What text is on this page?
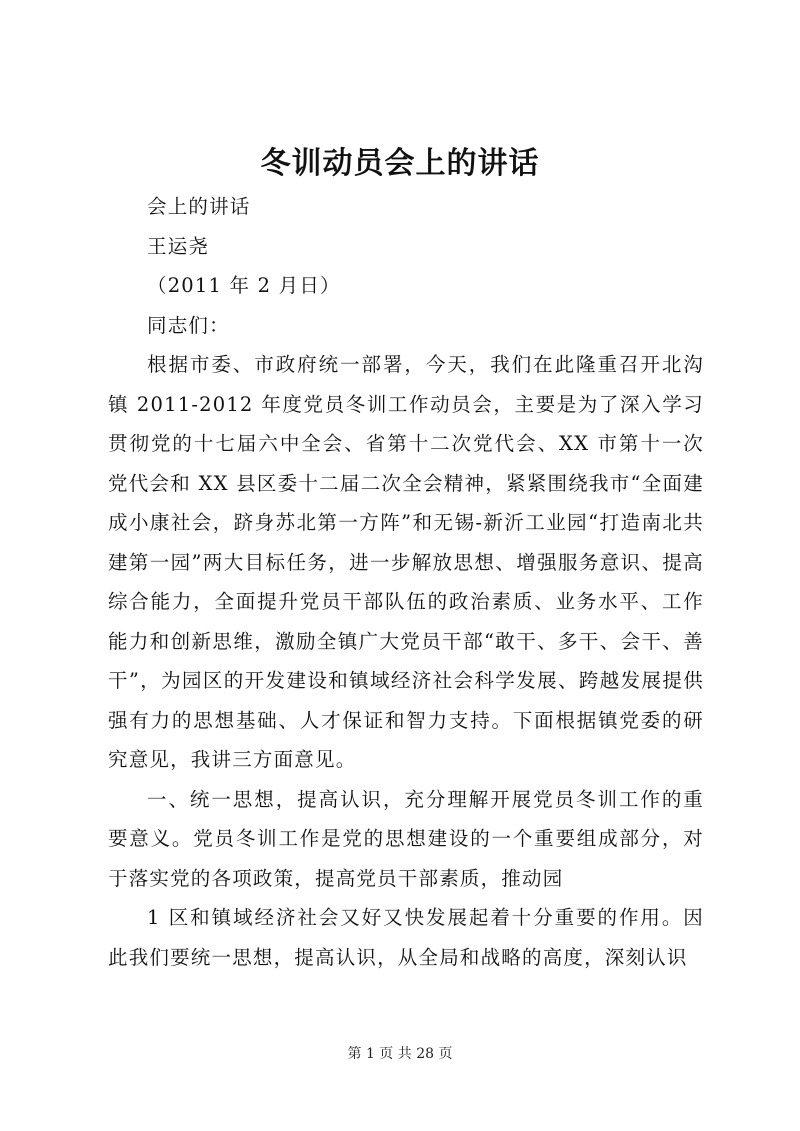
冬训动员会上的讲话

会上的讲话

王运尧

（2011 年 2 月日）

同志们：

根据市委、市政府统一部署，今天，我们在此隆重召开北沟镇 2011-2012 年度党员冬训工作动员会，主要是为了深入学习贯彻党的十七届六中全会、省第十二次党代会、XX 市第十一次党代会和 XX 县区委十二届二次全会精神，紧紧围绕我市“全面建成小康社会，跻身苏北第一方阵”和无锡-新沂工业园“打造南北共建第一园”两大目标任务，进一步解放思想、增强服务意识、提高综合能力，全面提升党员干部队伍的政治素质、业务水平、工作能力和创新思维，激励全镇广大党员干部“敢干、多干、会干、善干”，为园区的开发建设和镇域经济社会科学发展、跨越发展提供强有力的思想基础、人才保证和智力支持。下面根据镇党委的研究意见，我讲三方面意见。

一、统一思想，提高认识，充分理解开展党员冬训工作的重要意义。党员冬训工作是党的思想建设的一个重要组成部分，对于落实党的各项政策，提高党员干部素质，推动园

1 区和镇域经济社会又好又快发展起着十分重要的作用。因此我们要统一思想，提高认识，从全局和战略的高度，深刻认识

第 1 页 共 28 页
